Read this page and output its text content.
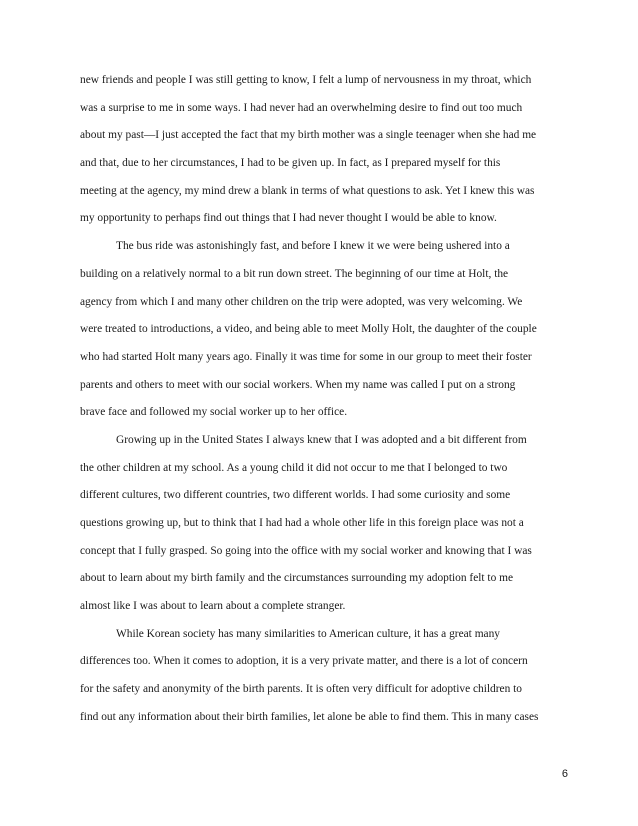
new friends and people I was still getting to know, I felt a lump of nervousness in my throat, which
was a surprise to me in some ways. I had never had an overwhelming desire to find out too much
about my past—I just accepted the fact that my birth mother was a single teenager when she had me
and that, due to her circumstances, I had to be given up. In fact, as I prepared myself for this
meeting at the agency, my mind drew a blank in terms of what questions to ask. Yet I knew this was
my opportunity to perhaps find out things that I had never thought I would be able to know.
The bus ride was astonishingly fast, and before I knew it we were being ushered into a
building on a relatively normal to a bit run down street. The beginning of our time at Holt, the
agency from which I and many other children on the trip were adopted, was very welcoming. We
were treated to introductions, a video, and being able to meet Molly Holt, the daughter of the couple
who had started Holt many years ago. Finally it was time for some in our group to meet their foster
parents and others to meet with our social workers. When my name was called I put on a strong
brave face and followed my social worker up to her office.
Growing up in the United States I always knew that I was adopted and a bit different from
the other children at my school. As a young child it did not occur to me that I belonged to two
different cultures, two different countries, two different worlds. I had some curiosity and some
questions growing up, but to think that I had had a whole other life in this foreign place was not a
concept that I fully grasped. So going into the office with my social worker and knowing that I was
about to learn about my birth family and the circumstances surrounding my adoption felt to me
almost like I was about to learn about a complete stranger.
While Korean society has many similarities to American culture, it has a great many
differences too. When it comes to adoption, it is a very private matter, and there is a lot of concern
for the safety and anonymity of the birth parents. It is often very difficult for adoptive children to
find out any information about their birth families, let alone be able to find them. This in many cases
6
